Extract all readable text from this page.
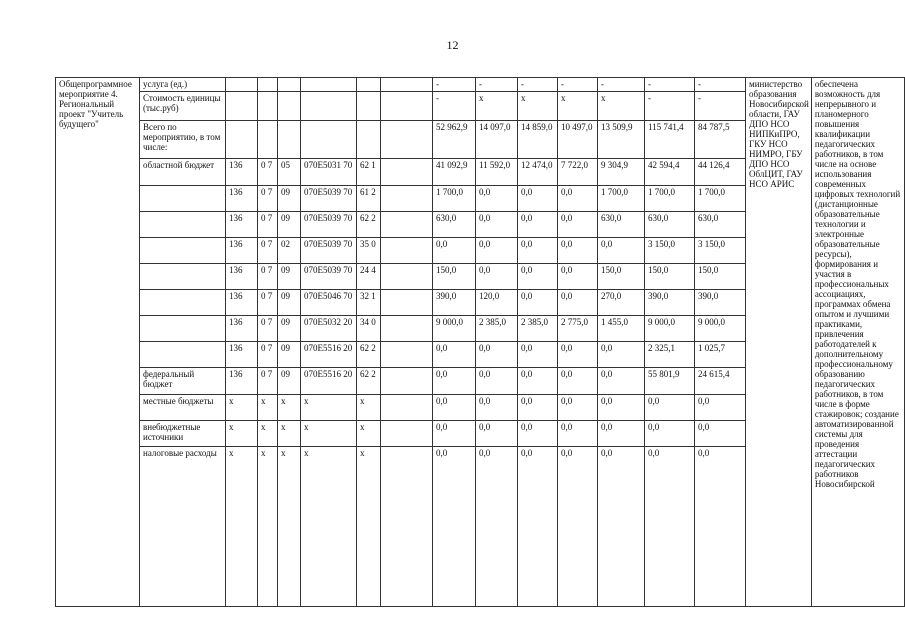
12
Общепрограммное мероприятие 4. Региональный проект "Учитель будущего"	услуга (ед.)							-	-	-	-	-	-	-	министерство образования Новосибирской области, ГАУ ДПО НСО НИПКиПРО, ГКУ НСО НИМРО, ГБУ ДПО НСО ОблЦИТ, ГАУ НСО АРИС	обеспечена возможность для непрерывного и планомерного повышения квалификации педагогических работников, в том числе на основе использования современных цифровых технологий (дистанционные образовательные технологии и электронные образовательные ресурсы), формирования и участия в профессиональных ассоциациях, программах обмена опытом и лучшими практиками, привлечения работодателей к дополнительному профессиональному образованию педагогических работников, в том числе в форме стажировок; создание автоматизированной системы для проведения аттестации педагогических работников Новосибирской
	Стоимость единицы (тыс.руб)							-	x	x	x	x	-	-		
	Всего по мероприятию, в том числе:							52 962,9	14 097,0	14 859,0	10 497,0	13 509,9	115 741,4	84 787,5		
	областной бюджет	136	0 7	05	070E5031 70	62 1		41 092,9	11 592,0	12 474,0	7 722,0	9 304,9	42 594,4	44 126,4		
		136	0 7	09	070E5039 70	61 2		1 700,0	0,0	0,0	0,0	1 700,0	1 700,0	1 700,0		
		136	0 7	09	070E5039 70	62 2		630,0	0,0	0,0	0,0	630,0	630,0	630,0		
		136	0 7	02	070E5039 70	35 0		0,0	0,0	0,0	0,0	0,0	3 150,0	3 150,0		
		136	0 7	09	070E5039 70	24 4		150,0	0,0	0,0	0,0	150,0	150,0	150,0		
		136	0 7	09	070E5046 70	32 1		390,0	120,0	0,0	0,0	270,0	390,0	390,0		
		136	0 7	09	070E5032 20	34 0		9 000,0	2 385,0	2 385,0	2 775,0	1 455,0	9 000,0	9 000,0		
		136	0 7	09	070E5516 20	62 2		0,0	0,0	0,0	0,0	0,0	2 325,1	1 025,7		
	федеральный бюджет	136	0 7	09	070E5516 20	62 2		0,0	0,0	0,0	0,0	0,0	55 801,9	24 615,4		
	местные бюджеты	x	x	x	x	x		0,0	0,0	0,0	0,0	0,0	0,0	0,0		
	внебюджетные источники	x	x	x	x	x		0,0	0,0	0,0	0,0	0,0	0,0	0,0		
	налоговые расходы	x	x	x	x	x		0,0	0,0	0,0	0,0	0,0	0,0	0,0		
